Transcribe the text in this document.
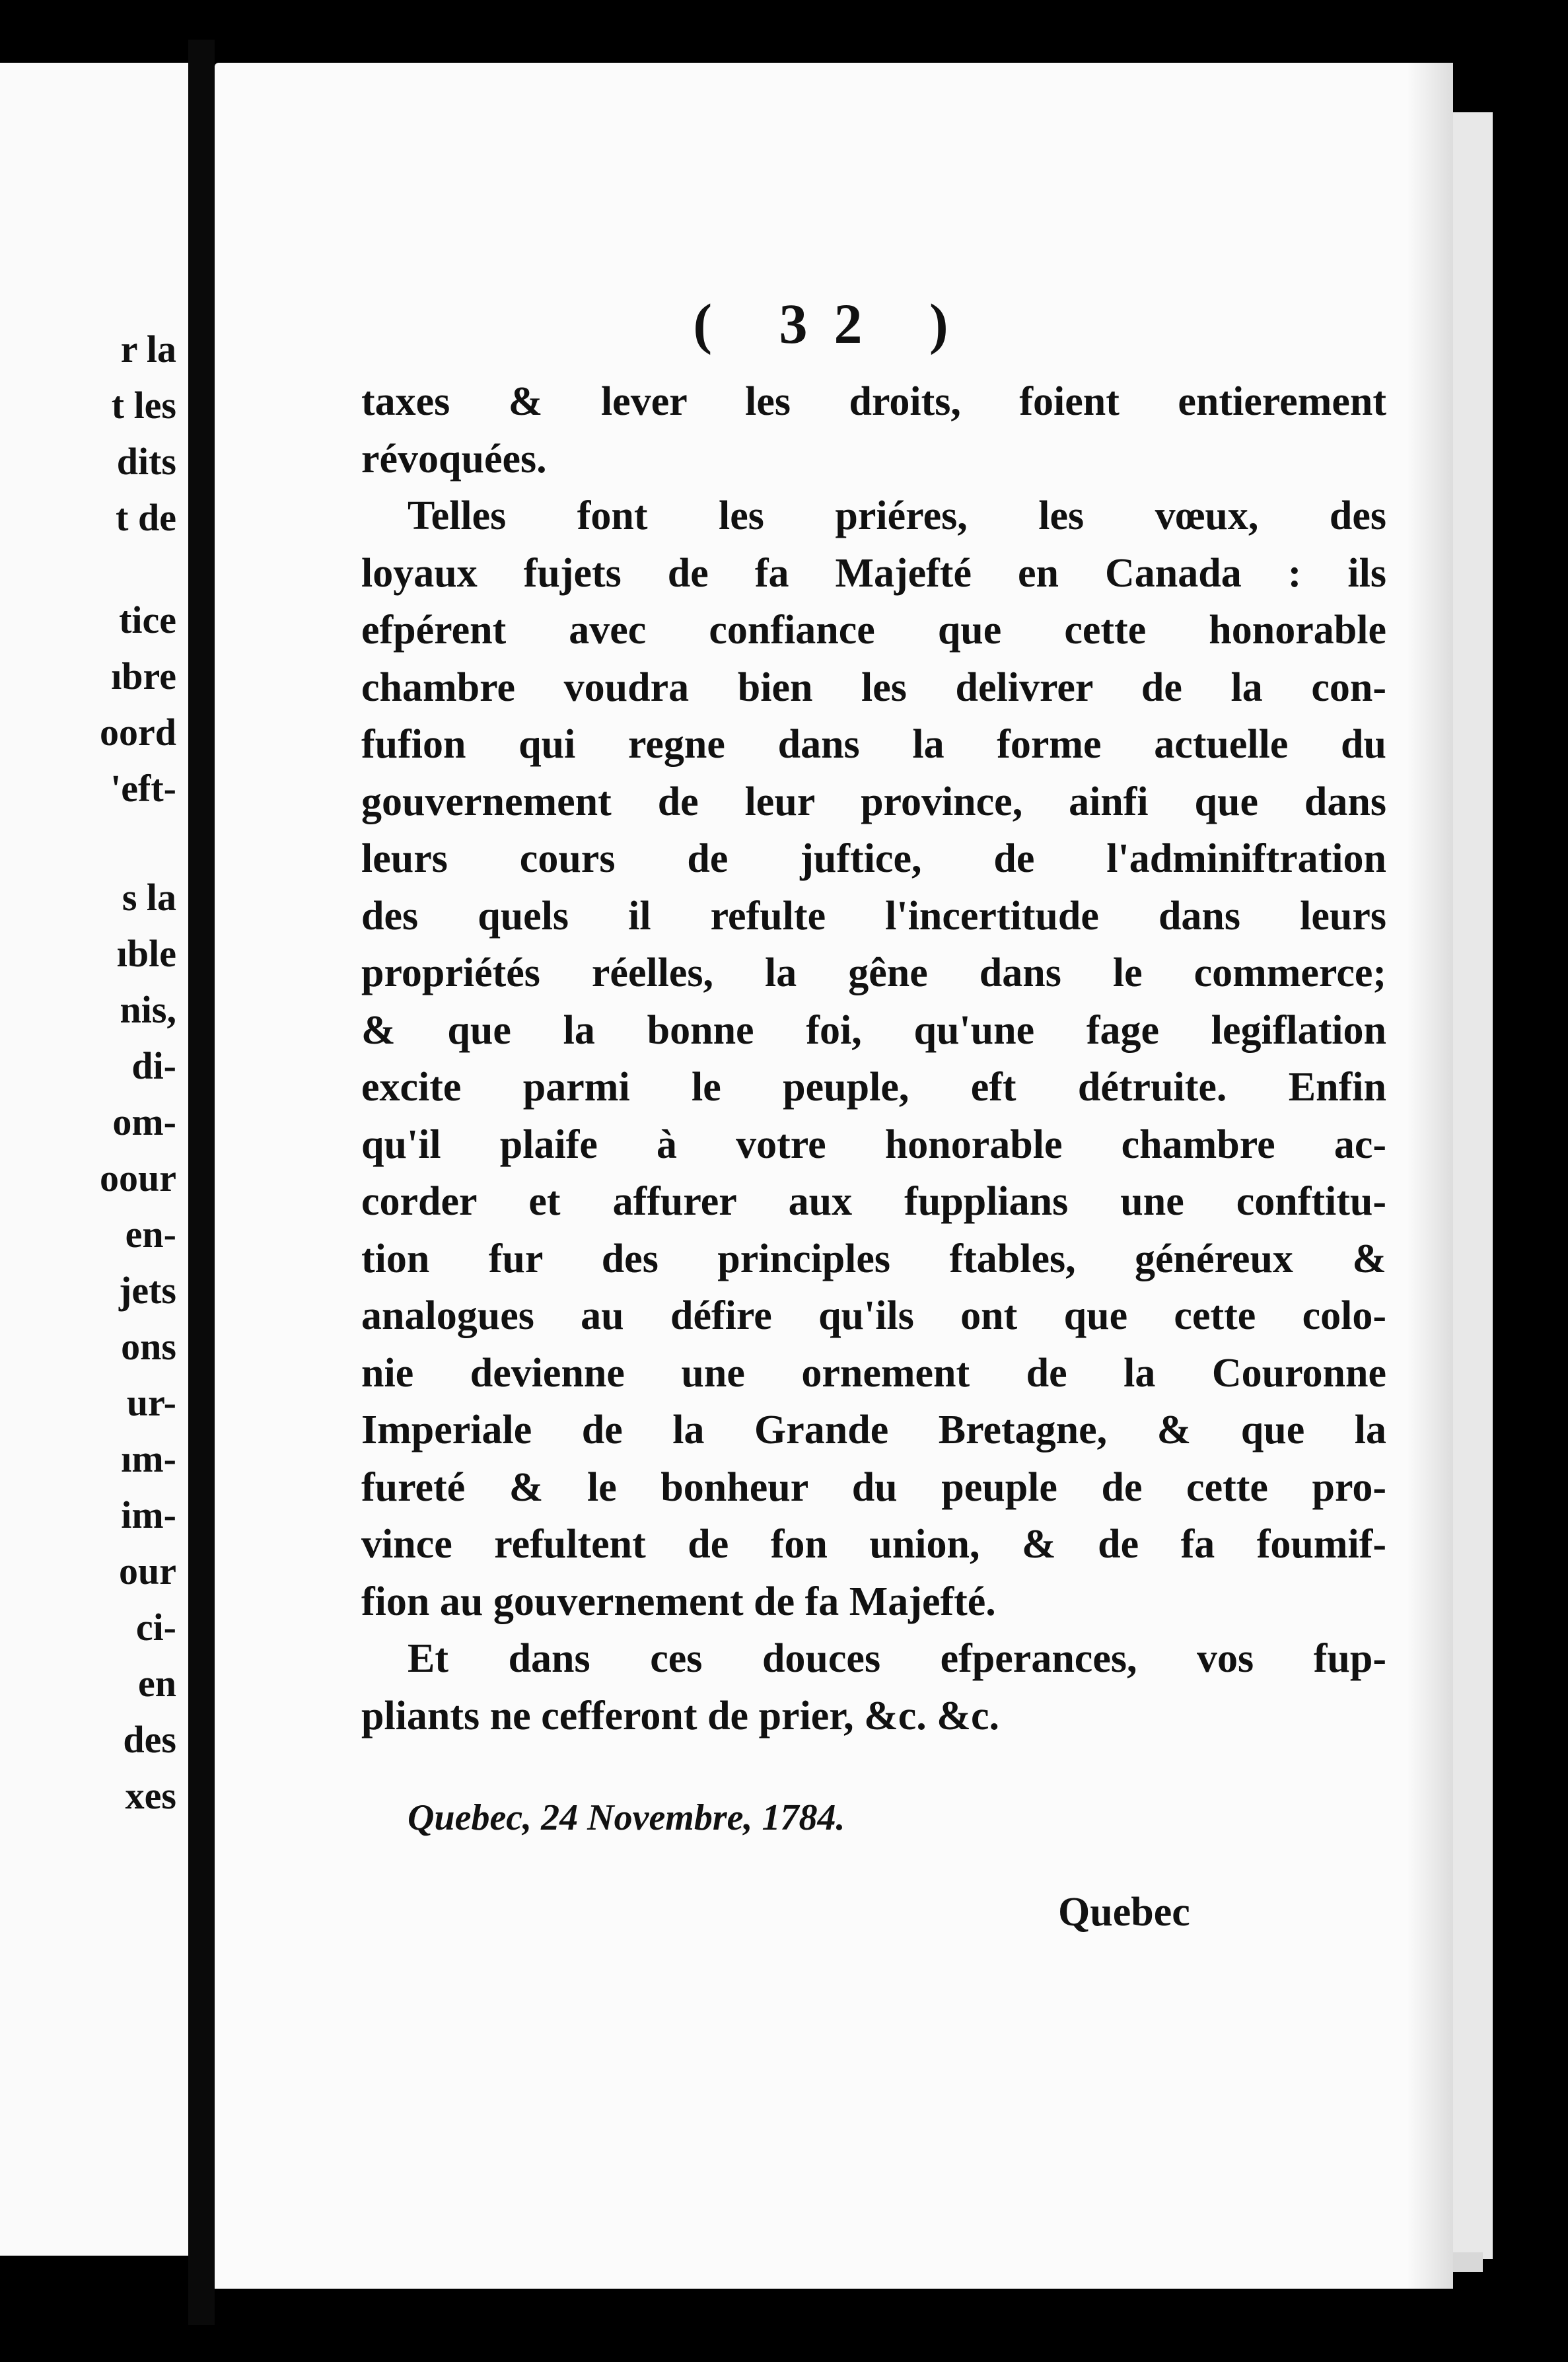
r la
t les
dits
t de
tice
ıbre
oord
'eft-
s la
ıble
nis,
di-
om-
oour
en-
jets
ons
ur-
ım-
im-
our
ci-
en
des
xes
( 32 )
taxes & lever les droits, foient entierement
révoquées.
Telles font les priéres, les vœux, des
loyaux fujets de fa Majefté en Canada : ils
efpérent avec confiance que cette honorable
chambre voudra bien les delivrer de la con-
fufion qui regne dans la forme actuelle du
gouvernement de leur province, ainfi que dans
leurs cours de juftice, de l'adminiftration
des quels il refulte l'incertitude dans leurs
propriétés réelles, la gêne dans le commerce;
& que la bonne foi, qu'une fage legiflation
excite parmi le peuple, eft détruite. Enfin
qu'il plaife à votre honorable chambre ac-
corder et affurer aux fupplians une conftitu-
tion fur des principles ftables, généreux &
analogues au défire qu'ils ont que cette colo-
nie devienne une ornement de la Couronne
Imperiale de la Grande Bretagne, & que la
fureté & le bonheur du peuple de cette pro-
vince refultent de fon union, & de fa foumif-
fion au gouvernement de fa Majefté.
Et dans ces douces efperances, vos fup-
pliants ne cefferont de prier, &c. &c.
Quebec, 24 Novembre, 1784.
Quebec
